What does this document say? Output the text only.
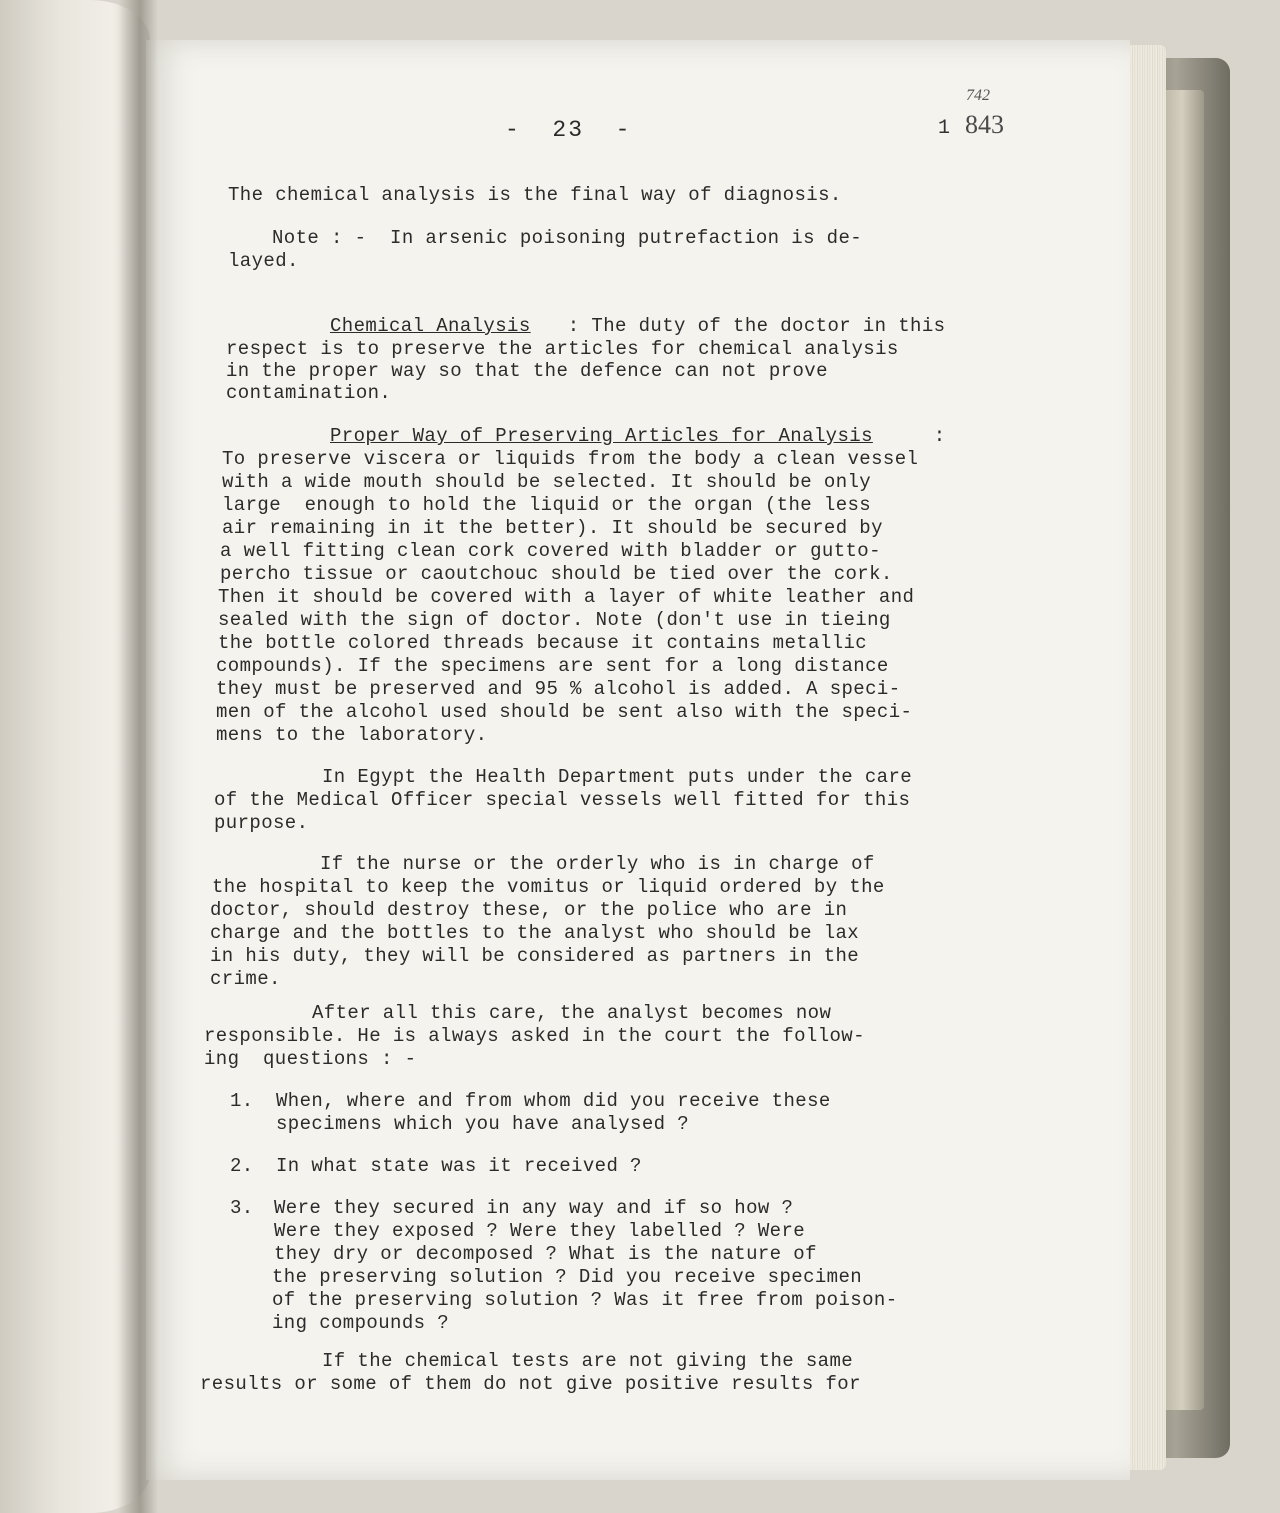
742
843
1
-  23  -
The chemical analysis is the final way of diagnosis.
Note : -  In arsenic poisoning putrefaction is de-
layed.
Chemical Analysis : The duty of the doctor in this
respect is to preserve the articles for chemical analysis
in the proper way so that the defence can not prove
contamination.
Proper Way of Preserving Articles for Analysis	:
To preserve viscera or liquids from the body a clean vessel
with a wide mouth should be selected. It should be only
large  enough to hold the liquid or the organ (the less
air remaining in it the better). It should be secured by
a well fitting clean cork covered with bladder or gutto-
percho tissue or caoutchouc should be tied over the cork.
Then it should be covered with a layer of white leather and
sealed with the sign of doctor. Note (don't use in tieing
the bottle colored threads because it contains metallic
compounds). If the specimens are sent for a long distance
they must be preserved and 95 % alcohol is added. A speci-
men of the alcohol used should be sent also with the speci-
mens to the laboratory.
In Egypt the Health Department puts under the care
of the Medical Officer special vessels well fitted for this
purpose.
If the nurse or the orderly who is in charge of
the hospital to keep the vomitus or liquid ordered by the
doctor, should destroy these, or the police who are in
charge and the bottles to the analyst who should be lax
in his duty, they will be considered as partners in the
crime.
After all this care, the analyst becomes now
responsible. He is always asked in the court the follow-
ing  questions : -
1. When, where and from whom did you receive these
specimens which you have analysed ?
2. In what state was it received ?
3. Were they secured in any way and if so how ?
Were they exposed ? Were they labelled ? Were
they dry or decomposed ? What is the nature of
the preserving solution ? Did you receive specimen
of the preserving solution ? Was it free from poison-
ing compounds ?
If the chemical tests are not giving the same
results or some of them do not give positive results for
